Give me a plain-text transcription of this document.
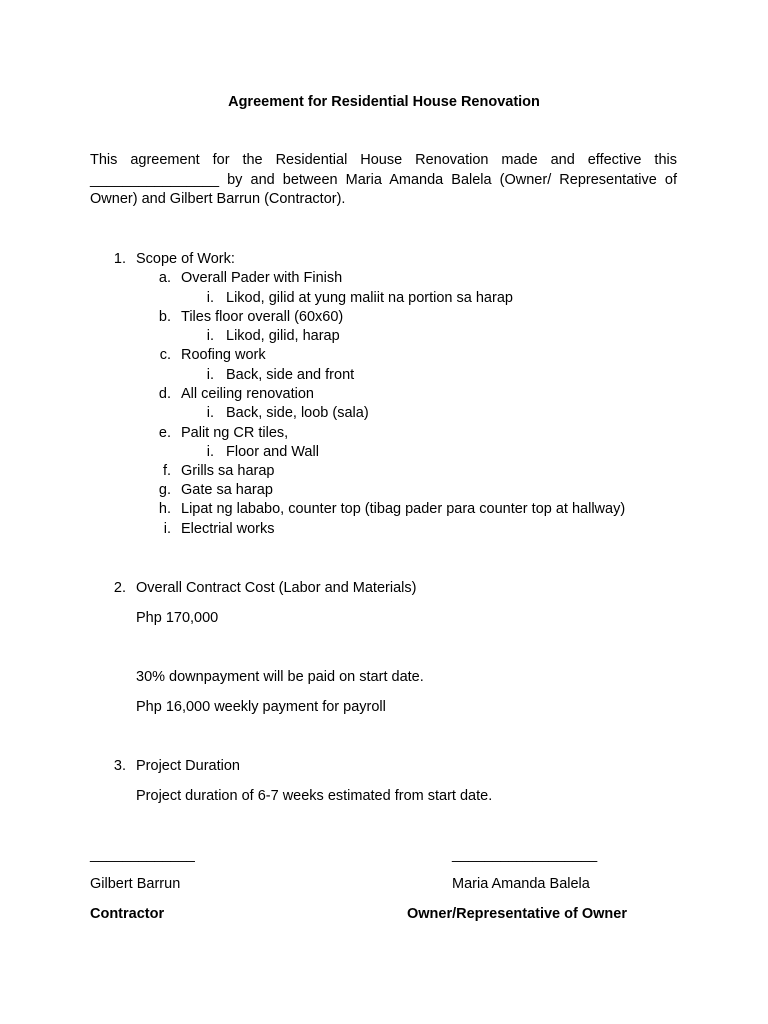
Agreement for Residential House Renovation
This agreement for the Residential House Renovation made and effective this ________________ by and between Maria Amanda Balela (Owner/ Representative of Owner) and Gilbert Barrun (Contractor).
1. Scope of Work:
a. Overall Pader with Finish
i. Likod, gilid at yung maliit na portion sa harap
b. Tiles floor overall (60x60)
i. Likod, gilid, harap
c. Roofing work
i. Back, side and front
d. All ceiling renovation
i. Back, side, loob (sala)
e. Palit ng CR tiles,
i. Floor and Wall
f. Grills sa harap
g. Gate sa harap
h. Lipat ng lababo, counter top (tibag pader para counter top at hallway)
i. Electrial works
2. Overall Contract Cost (Labor and Materials)
Php 170,000
30% downpayment will be paid on start date.
Php 16,000 weekly payment for payroll
3. Project Duration
Project duration of 6-7 weeks estimated from start date.
_____________	__________________
Gilbert Barrun	Maria Amanda Balela
Contractor	Owner/Representative of Owner
